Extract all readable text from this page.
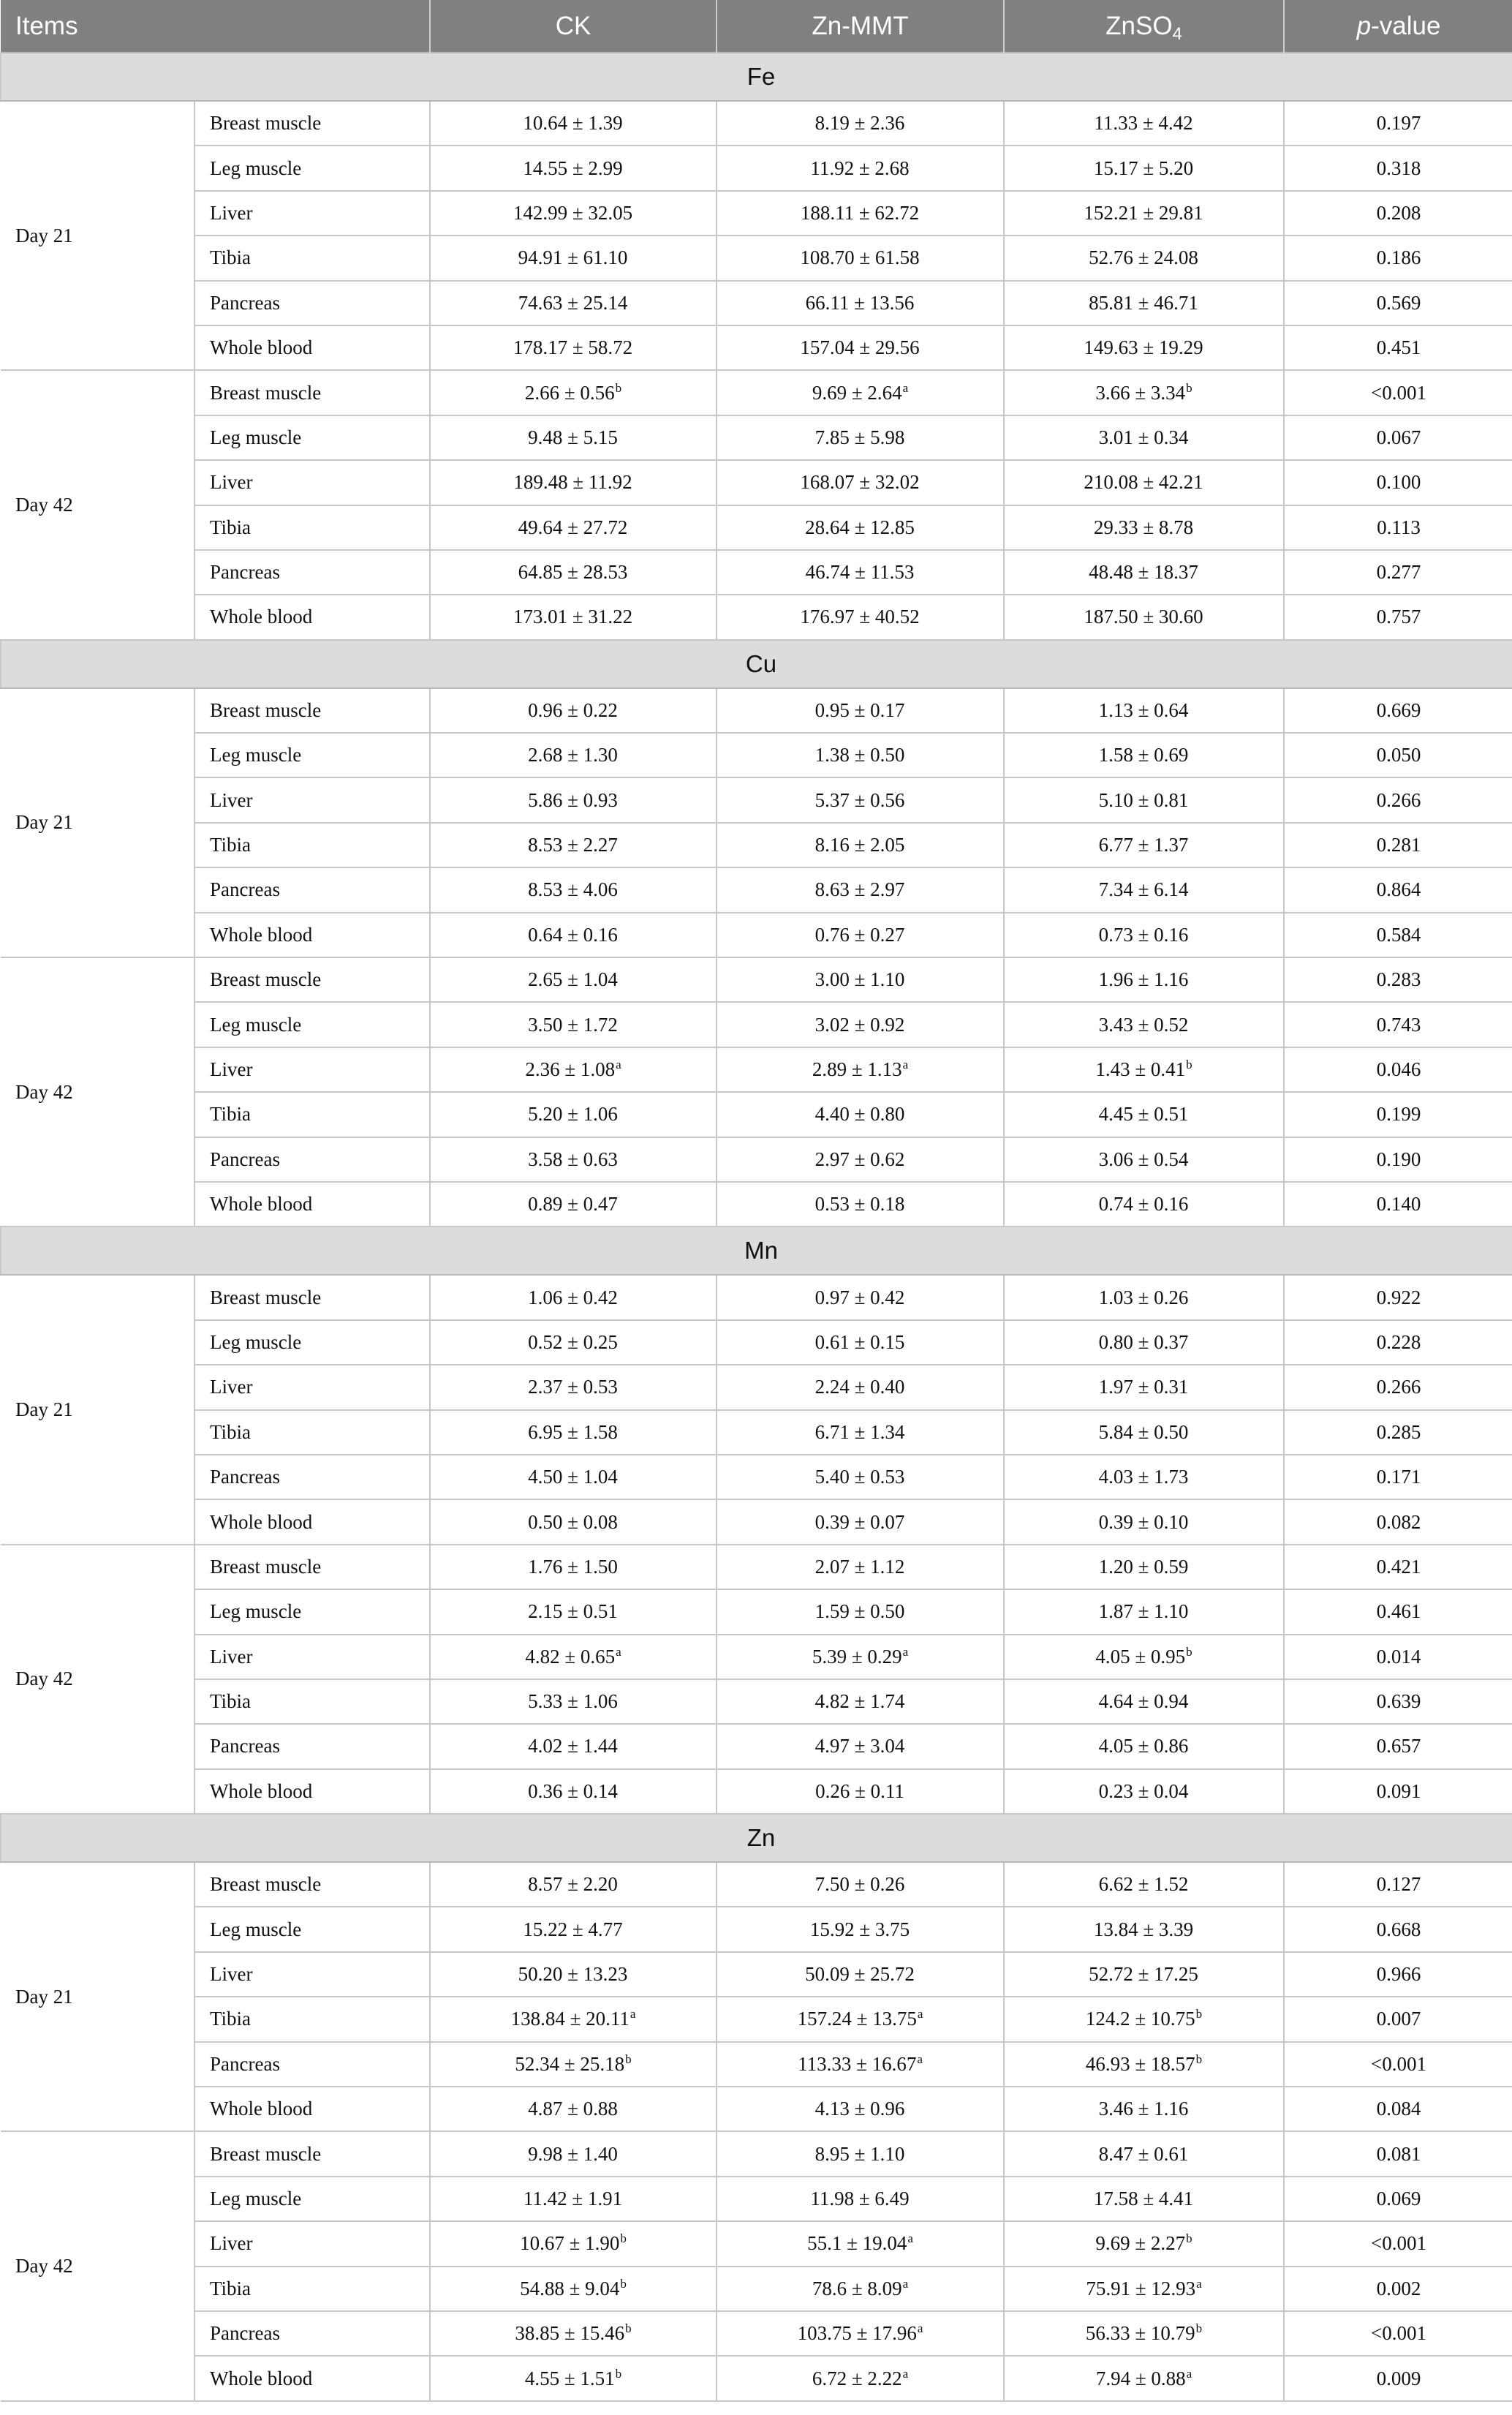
Items		CK	Zn-MMT	ZnSO$_4$	p-value
Fe					
Day 21	Breast muscle	10.64 ± 1.39	8.19 ± 2.36	11.33 ± 4.42	0.197
	Leg muscle	14.55 ± 2.99	11.92 ± 2.68	15.17 ± 5.20	0.318
	Liver	142.99 ± 32.05	188.11 ± 62.72	152.21 ± 29.81	0.208
	Tibia	94.91 ± 61.10	108.70 ± 61.58	52.76 ± 24.08	0.186
	Pancreas	74.63 ± 25.14	66.11 ± 13.56	85.81 ± 46.71	0.569
	Whole blood	178.17 ± 58.72	157.04 ± 29.56	149.63 ± 19.29	0.451
Day 42	Breast muscle	2.66 ± 0.56$^b$	9.69 ± 2.64$^a$	3.66 ± 3.34$^b$	<0.001
	Leg muscle	9.48 ± 5.15	7.85 ± 5.98	3.01 ± 0.34	0.067
	Liver	189.48 ± 11.92	168.07 ± 32.02	210.08 ± 42.21	0.100
	Tibia	49.64 ± 27.72	28.64 ± 12.85	29.33 ± 8.78	0.113
	Pancreas	64.85 ± 28.53	46.74 ± 11.53	48.48 ± 18.37	0.277
	Whole blood	173.01 ± 31.22	176.97 ± 40.52	187.50 ± 30.60	0.757
Cu					
Day 21	Breast muscle	0.96 ± 0.22	0.95 ± 0.17	1.13 ± 0.64	0.669
	Leg muscle	2.68 ± 1.30	1.38 ± 0.50	1.58 ± 0.69	0.050
	Liver	5.86 ± 0.93	5.37 ± 0.56	5.10 ± 0.81	0.266
	Tibia	8.53 ± 2.27	8.16 ± 2.05	6.77 ± 1.37	0.281
	Pancreas	8.53 ± 4.06	8.63 ± 2.97	7.34 ± 6.14	0.864
	Whole blood	0.64 ± 0.16	0.76 ± 0.27	0.73 ± 0.16	0.584
Day 42	Breast muscle	2.65 ± 1.04	3.00 ± 1.10	1.96 ± 1.16	0.283
	Leg muscle	3.50 ± 1.72	3.02 ± 0.92	3.43 ± 0.52	0.743
	Liver	2.36 ± 1.08$^a$	2.89 ± 1.13$^a$	1.43 ± 0.41$^b$	0.046
	Tibia	5.20 ± 1.06	4.40 ± 0.80	4.45 ± 0.51	0.199
	Pancreas	3.58 ± 0.63	2.97 ± 0.62	3.06 ± 0.54	0.190
	Whole blood	0.89 ± 0.47	0.53 ± 0.18	0.74 ± 0.16	0.140
Mn					
Day 21	Breast muscle	1.06 ± 0.42	0.97 ± 0.42	1.03 ± 0.26	0.922
	Leg muscle	0.52 ± 0.25	0.61 ± 0.15	0.80 ± 0.37	0.228
	Liver	2.37 ± 0.53	2.24 ± 0.40	1.97 ± 0.31	0.266
	Tibia	6.95 ± 1.58	6.71 ± 1.34	5.84 ± 0.50	0.285
	Pancreas	4.50 ± 1.04	5.40 ± 0.53	4.03 ± 1.73	0.171
	Whole blood	0.50 ± 0.08	0.39 ± 0.07	0.39 ± 0.10	0.082
Day 42	Breast muscle	1.76 ± 1.50	2.07 ± 1.12	1.20 ± 0.59	0.421
	Leg muscle	2.15 ± 0.51	1.59 ± 0.50	1.87 ± 1.10	0.461
	Liver	4.82 ± 0.65$^a$	5.39 ± 0.29$^a$	4.05 ± 0.95$^b$	0.014
	Tibia	5.33 ± 1.06	4.82 ± 1.74	4.64 ± 0.94	0.639
	Pancreas	4.02 ± 1.44	4.97 ± 3.04	4.05 ± 0.86	0.657
	Whole blood	0.36 ± 0.14	0.26 ± 0.11	0.23 ± 0.04	0.091
Zn					
Day 21	Breast muscle	8.57 ± 2.20	7.50 ± 0.26	6.62 ± 1.52	0.127
	Leg muscle	15.22 ± 4.77	15.92 ± 3.75	13.84 ± 3.39	0.668
	Liver	50.20 ± 13.23	50.09 ± 25.72	52.72 ± 17.25	0.966
	Tibia	138.84 ± 20.11$^a$	157.24 ± 13.75$^a$	124.2 ± 10.75$^b$	0.007
	Pancreas	52.34 ± 25.18$^b$	113.33 ± 16.67$^a$	46.93 ± 18.57$^b$	<0.001
	Whole blood	4.87 ± 0.88	4.13 ± 0.96	3.46 ± 1.16	0.084
Day 42	Breast muscle	9.98 ± 1.40	8.95 ± 1.10	8.47 ± 0.61	0.081
	Leg muscle	11.42 ± 1.91	11.98 ± 6.49	17.58 ± 4.41	0.069
	Liver	10.67 ± 1.90$^b$	55.1 ± 19.04$^a$	9.69 ± 2.27$^b$	<0.001
	Tibia	54.88 ± 9.04$^b$	78.6 ± 8.09$^a$	75.91 ± 12.93$^a$	0.002
	Pancreas	38.85 ± 15.46$^b$	103.75 ± 17.96$^a$	56.33 ± 10.79$^b$	<0.001
	Whole blood	4.55 ± 1.51$^b$	6.72 ± 2.22$^a$	7.94 ± 0.88$^a$	0.009
